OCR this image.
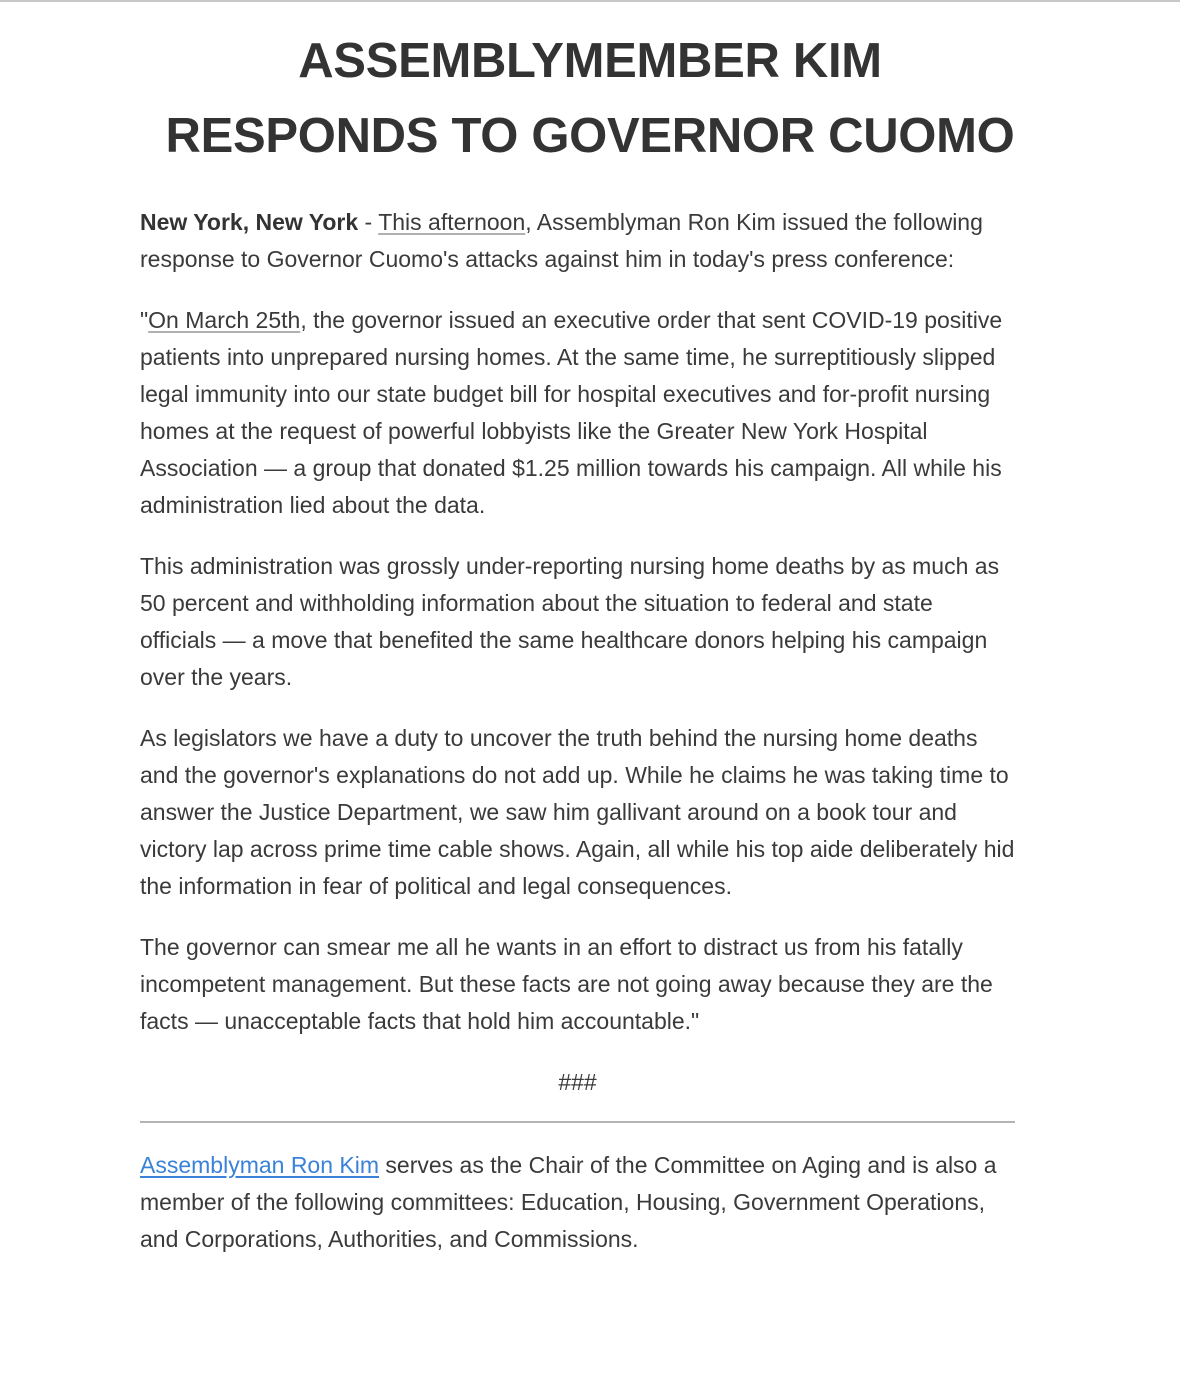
ASSEMBLYMEMBER KIM
RESPONDS TO GOVERNOR CUOMO

New York, New York - This afternoon, Assemblyman Ron Kim issued the following response to Governor Cuomo's attacks against him in today's press conference:

"On March 25th, the governor issued an executive order that sent COVID-19 positive patients into unprepared nursing homes. At the same time, he surreptitiously slipped legal immunity into our state budget bill for hospital executives and for-profit nursing homes at the request of powerful lobbyists like the Greater New York Hospital Association — a group that donated $1.25 million towards his campaign. All while his administration lied about the data.

This administration was grossly under-reporting nursing home deaths by as much as 50 percent and withholding information about the situation to federal and state officials — a move that benefited the same healthcare donors helping his campaign over the years.

As legislators we have a duty to uncover the truth behind the nursing home deaths and the governor's explanations do not add up. While he claims he was taking time to answer the Justice Department, we saw him gallivant around on a book tour and victory lap across prime time cable shows. Again, all while his top aide deliberately hid the information in fear of political and legal consequences.

The governor can smear me all he wants in an effort to distract us from his fatally incompetent management. But these facts are not going away because they are the facts — unacceptable facts that hold him accountable."

###

Assemblyman Ron Kim serves as the Chair of the Committee on Aging and is also a member of the following committees: Education, Housing, Government Operations, and Corporations, Authorities, and Commissions.
